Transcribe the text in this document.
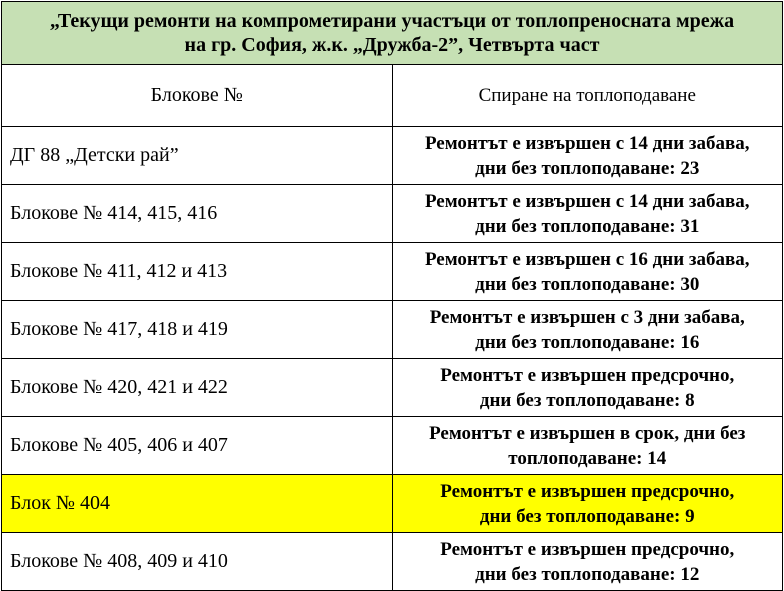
„Текущи ремонти на компрометирани участъци от топлопреносната мрежа
на гр. София, ж.к. „Дружба-2”, Четвърта част	

Блокове №	Спиране на топлоподаване
ДГ 88 „Детски рай”	Ремонтът е извършен с 14 дни забава,
дни без топлоподаване: 23

Блокове № 414, 415, 416	Ремонтът е извършен с 14 дни забава,
дни без топлоподаване: 31

Блокове № 411, 412 и 413	Ремонтът е извършен с 16 дни забава,
дни без топлоподаване: 30

Блокове № 417, 418 и 419	Ремонтът е извършен с 3 дни забава,
дни без топлоподаване: 16

Блокове № 420, 421 и 422	Ремонтът е извършен предсрочно,
дни без топлоподаване: 8

Блокове № 405, 406 и 407	Ремонтът е извършен в срок, дни без
топлоподаване: 14

Блок № 404	Ремонтът е извършен предсрочно,
дни без топлоподаване: 9

Блокове № 408, 409 и 410	Ремонтът е извършен предсрочно,
дни без топлоподаване: 12
